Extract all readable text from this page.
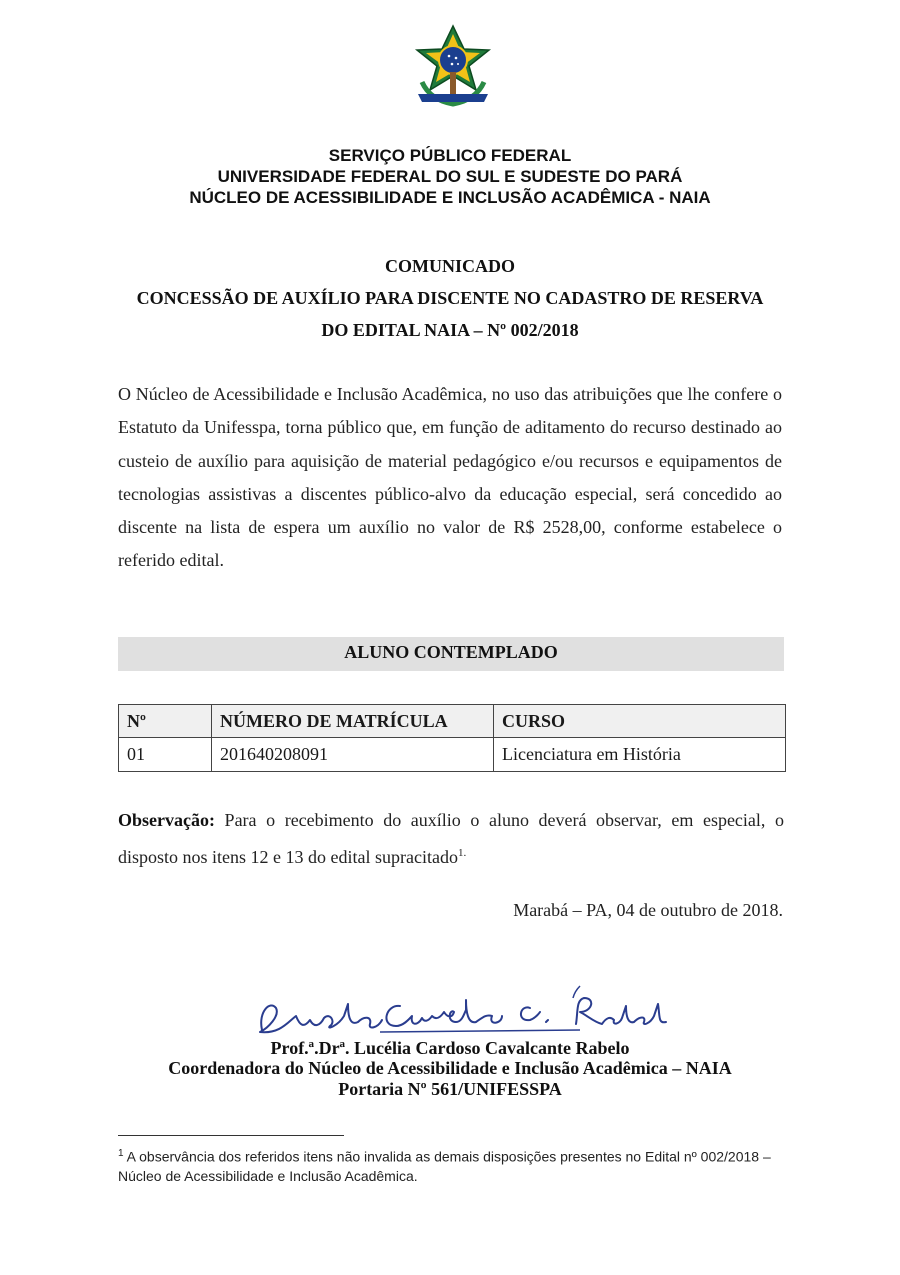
SERVIÇO PÚBLICO FEDERAL
UNIVERSIDADE FEDERAL DO SUL E SUDESTE DO PARÁ
NÚCLEO DE ACESSIBILIDADE E INCLUSÃO ACADÊMICA - NAIA
COMUNICADO
CONCESSÃO DE AUXÍLIO PARA DISCENTE NO CADASTRO DE RESERVA
DO EDITAL NAIA – Nº 002/2018
O Núcleo de Acessibilidade e Inclusão Acadêmica, no uso das atribuições que lhe confere o Estatuto da Unifesspa, torna público que, em função de aditamento do recurso destinado ao custeio de auxílio para aquisição de material pedagógico e/ou recursos e equipamentos de tecnologias assistivas a discentes público-alvo da educação especial, será concedido ao discente na lista de espera um auxílio no valor de R$ 2528,00, conforme estabelece o referido edital.
ALUNO CONTEMPLADO
Nº	NÚMERO DE MATRÍCULA	CURSO
01	201640208091	Licenciatura em História
Observação: Para o recebimento do auxílio o aluno deverá observar, em especial, o disposto nos itens 12 e 13 do edital supracitado$^{1.}$
Marabá – PA, 04 de outubro de 2018.
Prof.ª.Drª. Lucélia Cardoso Cavalcante Rabelo
Coordenadora do Núcleo de Acessibilidade e Inclusão Acadêmica – NAIA
Portaria Nº 561/UNIFESSPA
$^1$ A observância dos referidos itens não invalida as demais disposições presentes no Edital nº 002/2018 – Núcleo de Acessibilidade e Inclusão Acadêmica.
